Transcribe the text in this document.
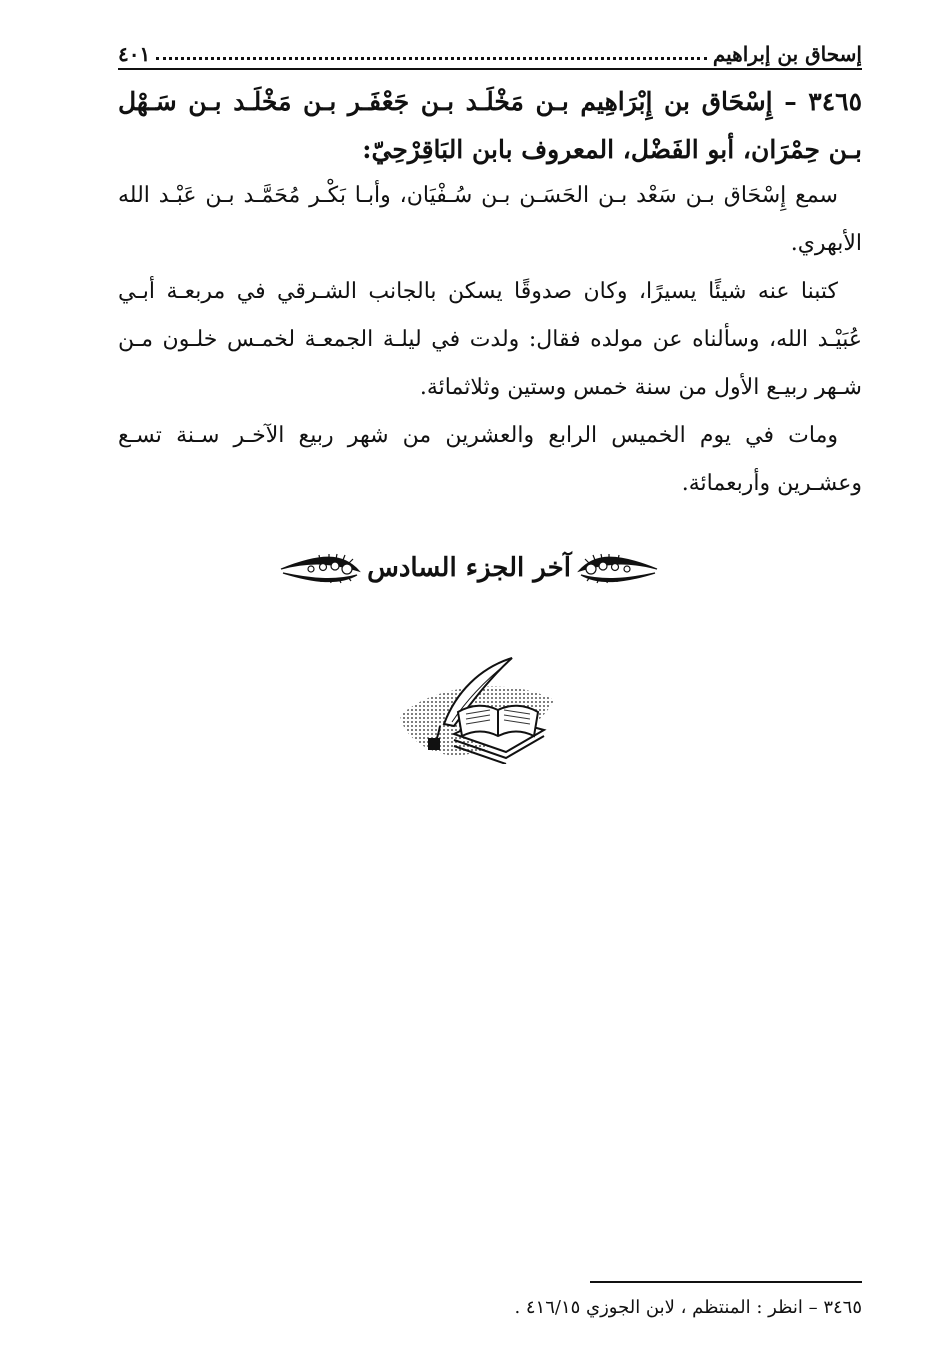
إسحاق بن إبراهيم
٤٠١
٣٤٦٥ – إِسْحَاق بن إِبْرَاهِيم بـن مَخْلَـد بـن جَعْفَـر بـن مَخْلَـد بـن سَـهْل بـن حِمْرَان، أبو الفَضْل، المعروف بابن البَاقِرْحِيّ:
سمع إِسْحَاق بـن سَعْد بـن الحَسَـن بـن سُـفْيَان، وأبـا بَكْـر مُحَمَّـد بـن عَبْـد الله الأبهري.
كتبنا عنه شيئًا يسيرًا، وكان صدوقًا يسكن بالجانب الشـرقي في مربعـة أبـي عُبَيْـد الله، وسألناه عن مولده فقال: ولدت في ليلـة الجمعـة لخمـس خلـون مـن شـهر ربيـع الأول من سنة خمس وستين وثلاثمائة.
ومات في يوم الخميس الرابع والعشرين من شهر ربيع الآخـر سـنة تسـع وعشـرين وأربعمائة.
آخر الجزء السادس
٣٤٦٥ – انظر : المنتظم ، لابن الجوزي ٤١٦/١٥ .
